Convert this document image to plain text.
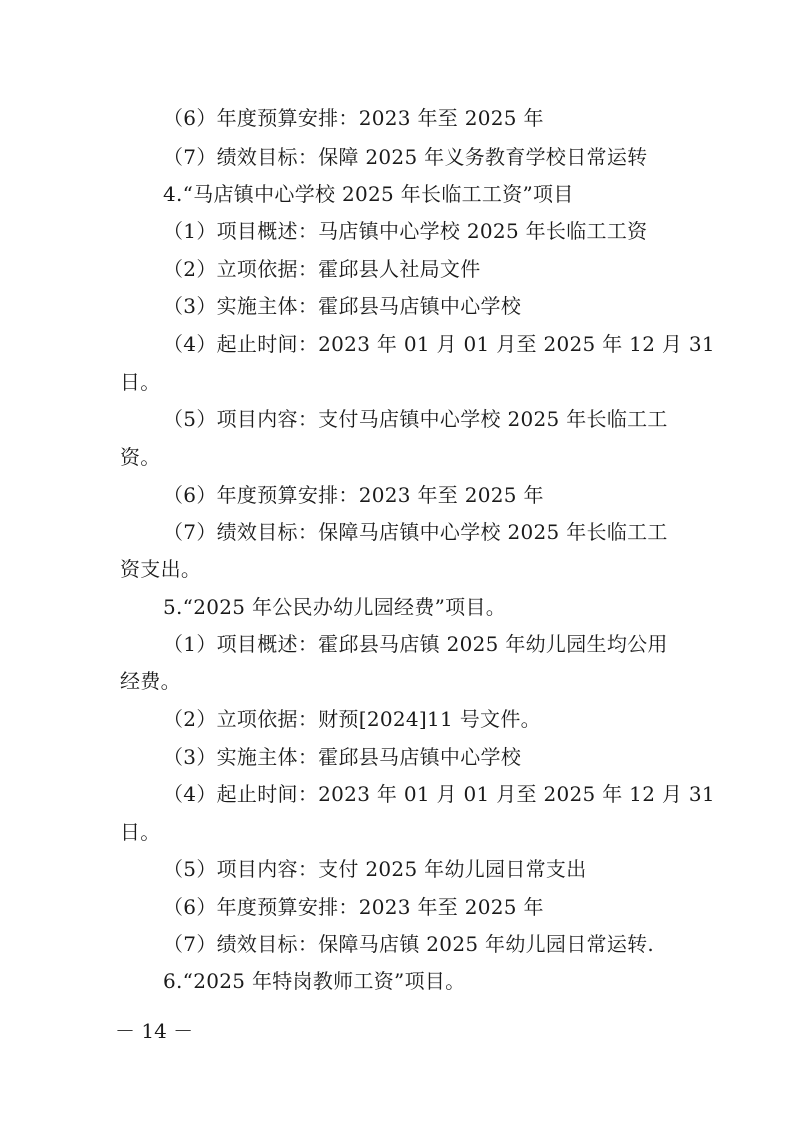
（6）年度预算安排：2023 年至 2025 年
（7）绩效目标：保障 2025 年义务教育学校日常运转
4.“马店镇中心学校 2025 年长临工工资”项目
（1）项目概述：马店镇中心学校 2025 年长临工工资
（2）立项依据：霍邱县人社局文件
（3）实施主体：霍邱县马店镇中心学校
（4）起止时间：2023 年 01 月 01 月至 2025 年 12 月 31
日。
（5）项目内容：支付马店镇中心学校 2025 年长临工工
资。
（6）年度预算安排：2023 年至 2025 年
（7）绩效目标：保障马店镇中心学校 2025 年长临工工
资支出。
5.“2025 年公民办幼儿园经费”项目。
（1）项目概述：霍邱县马店镇 2025 年幼儿园生均公用
经费。
（2）立项依据：财预[2024]11 号文件。
（3）实施主体：霍邱县马店镇中心学校
（4）起止时间：2023 年 01 月 01 月至 2025 年 12 月 31
日。
（5）项目内容：支付 2025 年幼儿园日常支出
（6）年度预算安排：2023 年至 2025 年
（7）绩效目标：保障马店镇 2025 年幼儿园日常运转.
6.“2025 年特岗教师工资”项目。
－ 14 －
